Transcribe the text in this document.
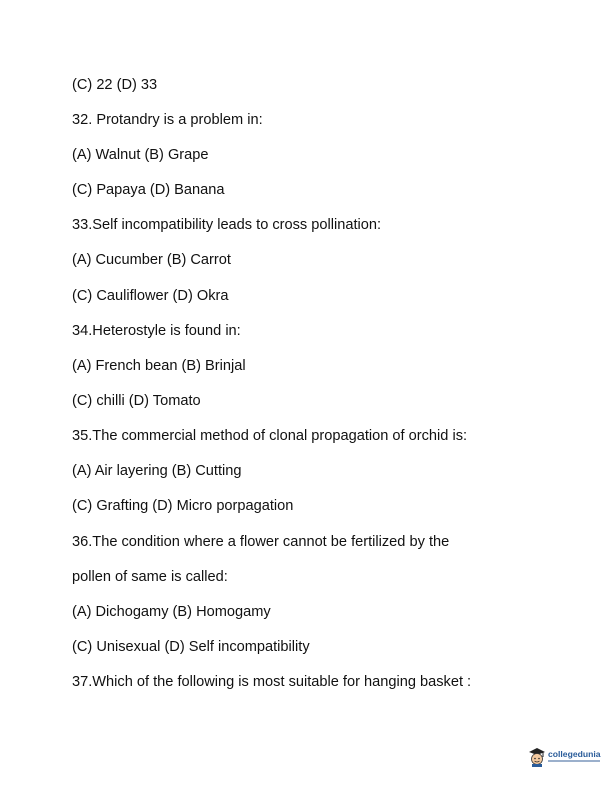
(C) 22 (D) 33
32. Protandry is a problem in:
(A) Walnut (B) Grape
(C) Papaya (D) Banana
33.Self incompatibility leads to cross pollination:
(A) Cucumber (B) Carrot
(C) Cauliflower (D) Okra
34.Heterostyle is found in:
(A) French bean (B) Brinjal
(C) chilli (D) Tomato
35.The commercial method of clonal propagation of orchid is:
(A) Air layering (B) Cutting
(C) Grafting (D) Micro porpagation
36.The condition where a flower cannot be fertilized by the
pollen of same is called:
(A) Dichogamy (B) Homogamy
(C) Unisexual (D) Self incompatibility
37.Which of the following is most suitable for hanging basket :
collegedunia
